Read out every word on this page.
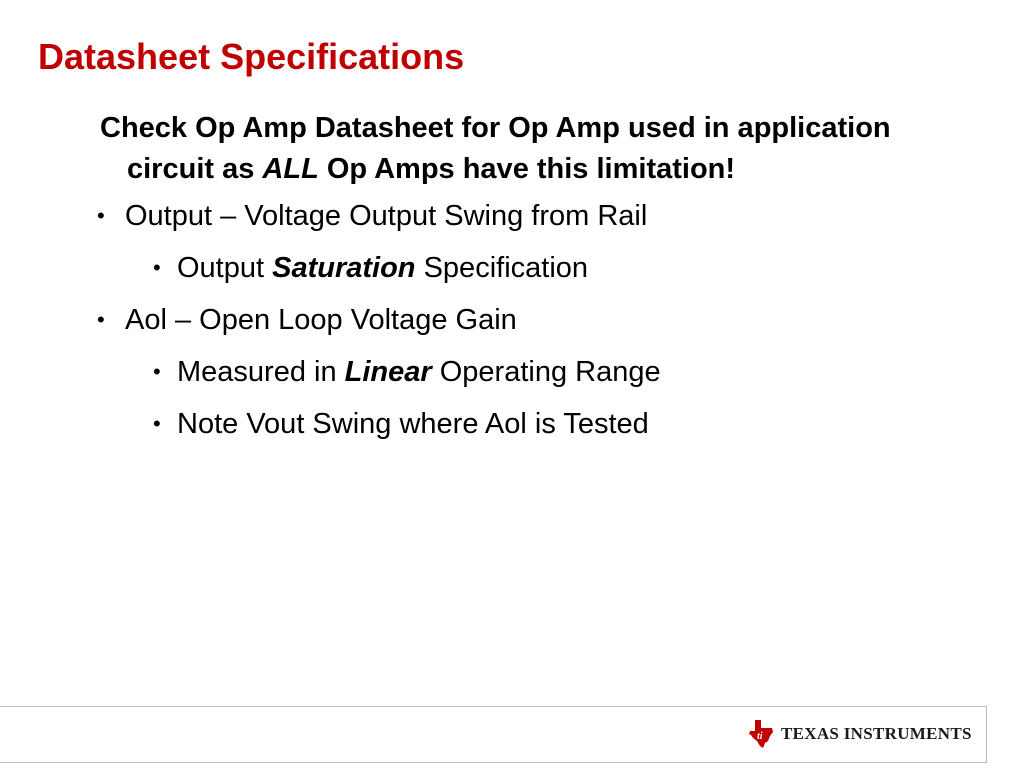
Datasheet Specifications

Check Op Amp Datasheet for Op Amp used in application circuit as ALL Op Amps have this limitation!

• Output – Voltage Output Swing from Rail
• Output Saturation Specification
• Aol – Open Loop Voltage Gain
• Measured in Linear Operating Range
• Note Vout Swing where Aol is Tested
ti TEXAS INSTRUMENTS
